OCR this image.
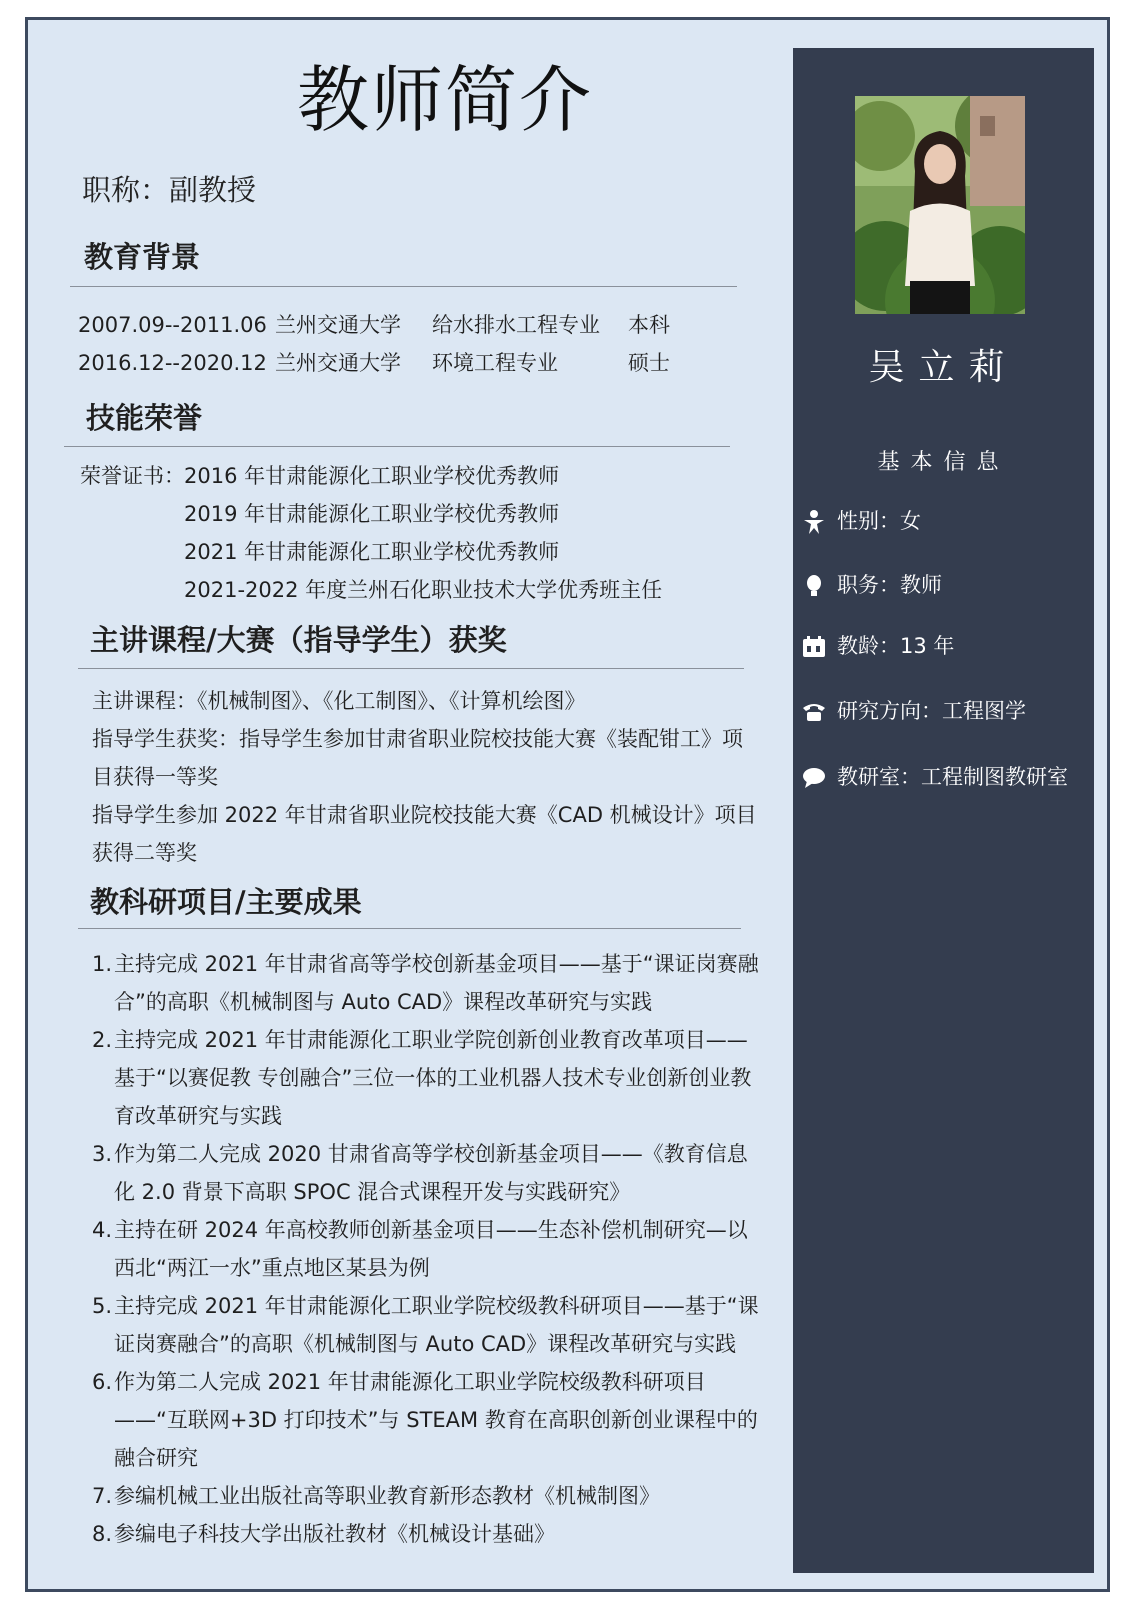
教师简介
职称：副教授
教育背景
2007.09--2011.06 兰州交通大学 给水排水工程专业 本科
2016.12--2020.12 兰州交通大学 环境工程专业	硕士
技能荣誉
荣誉证书： 2016 年甘肃能源化工职业学校优秀教师
2019 年甘肃能源化工职业学校优秀教师
2021 年甘肃能源化工职业学校优秀教师
2021-2022 年度兰州石化职业技术大学优秀班主任
主讲课程/大赛（指导学生）获奖
主讲课程：《机械制图》、《化工制图》、《计算机绘图》
指导学生获奖：指导学生参加甘肃省职业院校技能大赛《装配钳工》项
目获得一等奖
指导学生参加 2022 年甘肃省职业院校技能大赛《CAD 机械设计》项目
获得二等奖
教科研项目/主要成果
1. 主持完成 2021 年甘肃省高等学校创新基金项目——基于“课证岗赛融合”的高职《机械制图与 Auto CAD》课程改革研究与实践
2. 主持完成 2021 年甘肃能源化工职业学院创新创业教育改革项目——基于“以赛促教 专创融合”三位一体的工业机器人技术专业创新创业教育改革研究与实践
3. 作为第二人完成 2020 甘肃省高等学校创新基金项目——《教育信息化 2.0 背景下高职 SPOC 混合式课程开发与实践研究》
4. 主持在研 2024 年高校教师创新基金项目——生态补偿机制研究—以西北“两江一水”重点地区某县为例
5. 主持完成 2021 年甘肃能源化工职业学院校级教科研项目——基于“课证岗赛融合”的高职《机械制图与 Auto CAD》课程改革研究与实践
6. 作为第二人完成 2021 年甘肃能源化工职业学院校级教科研项目——“互联网+3D 打印技术”与 STEAM 教育在高职创新创业课程中的融合研究
7. 参编机械工业出版社高等职业教育新形态教材《机械制图》
8. 参编电子科技大学出版社教材《机械设计基础》
吴立莉
基本信息
性别：女
职务：教师
教龄：13 年
研究方向：工程图学
教研室：工程制图教研室
